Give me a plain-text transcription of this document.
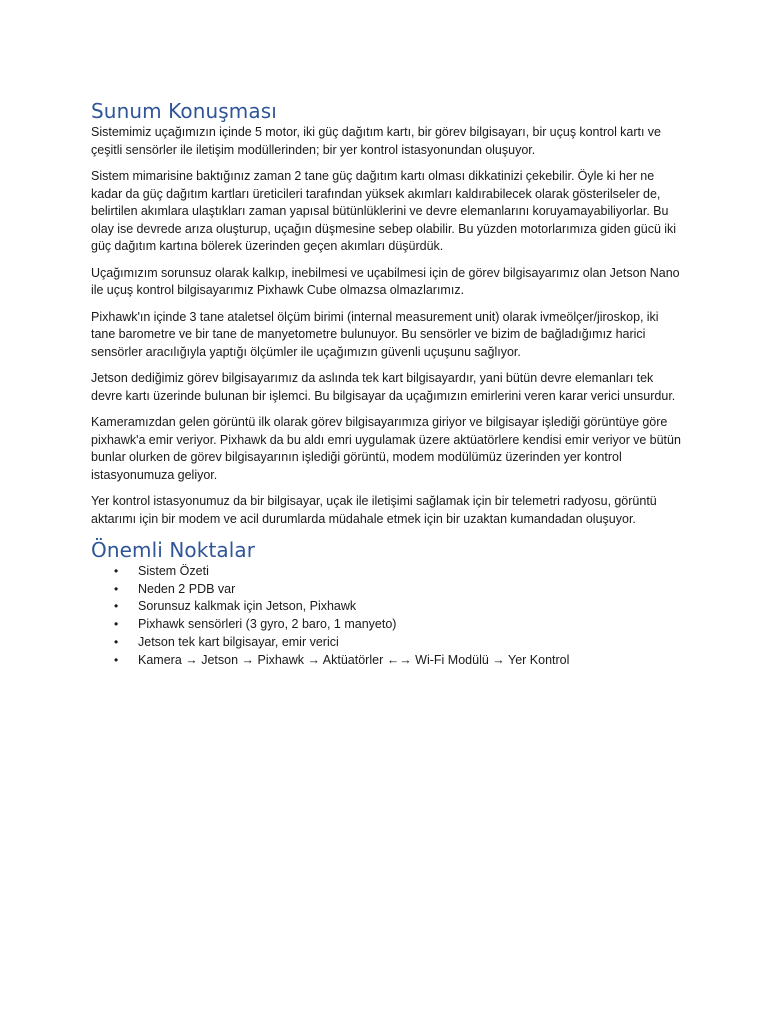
Sunum Konuşması

Sistemimiz uçağımızın içinde 5 motor, iki güç dağıtım kartı, bir görev bilgisayarı, bir uçuş kontrol kartı ve çeşitli sensörler ile iletişim modüllerinden; bir yer kontrol istasyonundan oluşuyor.

Sistem mimarisine baktığınız zaman 2 tane güç dağıtım kartı olması dikkatinizi çekebilir. Öyle ki her ne kadar da güç dağıtım kartları üreticileri tarafından yüksek akımları kaldırabilecek olarak gösterilseler de, belirtilen akımlara ulaştıkları zaman yapısal bütünlüklerini ve devre elemanlarını koruyamayabiliyorlar. Bu olay ise devrede arıza oluşturup, uçağın düşmesine sebep olabilir. Bu yüzden motorlarımıza giden gücü iki güç dağıtım kartına bölerek üzerinden geçen akımları düşürdük.

Uçağımızım sorunsuz olarak kalkıp, inebilmesi ve uçabilmesi için de görev bilgisayarımız olan Jetson Nano ile uçuş kontrol bilgisayarımız Pixhawk Cube olmazsa olmazlarımız.

Pixhawk'ın içinde 3 tane ataletsel ölçüm birimi (internal measurement unit) olarak ivmeölçer/jiroskop, iki tane barometre ve bir tane de manyetometre bulunuyor. Bu sensörler ve bizim de bağladığımız harici sensörler aracılığıyla yaptığı ölçümler ile uçağımızın güvenli uçuşunu sağlıyor.

Jetson dediğimiz görev bilgisayarımız da aslında tek kart bilgisayardır, yani bütün devre elemanları tek devre kartı üzerinde bulunan bir işlemci. Bu bilgisayar da uçağımızın emirlerini veren karar verici unsurdur.

Kameramızdan gelen görüntü ilk olarak görev bilgisayarımıza giriyor ve bilgisayar işlediği görüntüye göre pixhawk'a emir veriyor. Pixhawk da bu aldı emri uygulamak üzere aktüatörlere kendisi emir veriyor ve bütün bunlar olurken de görev bilgisayarının işlediği görüntü, modem modülümüz üzerinden yer kontrol istasyonumuza geliyor.

Yer kontrol istasyonumuz da bir bilgisayar, uçak ile iletişimi sağlamak için bir telemetri radyosu, görüntü aktarımı için bir modem ve acil durumlarda müdahale etmek için bir uzaktan kumandadan oluşuyor.

Önemli Noktalar
• Sistem Özeti
• Neden 2 PDB var
• Sorunsuz kalkmak için Jetson, Pixhawk
• Pixhawk sensörleri (3 gyro, 2 baro, 1 manyeto)
• Jetson tek kart bilgisayar, emir verici
• Kamera → Jetson → Pixhawk → Aktüatörler ←→ Wi-Fi Modülü → Yer Kontrol
